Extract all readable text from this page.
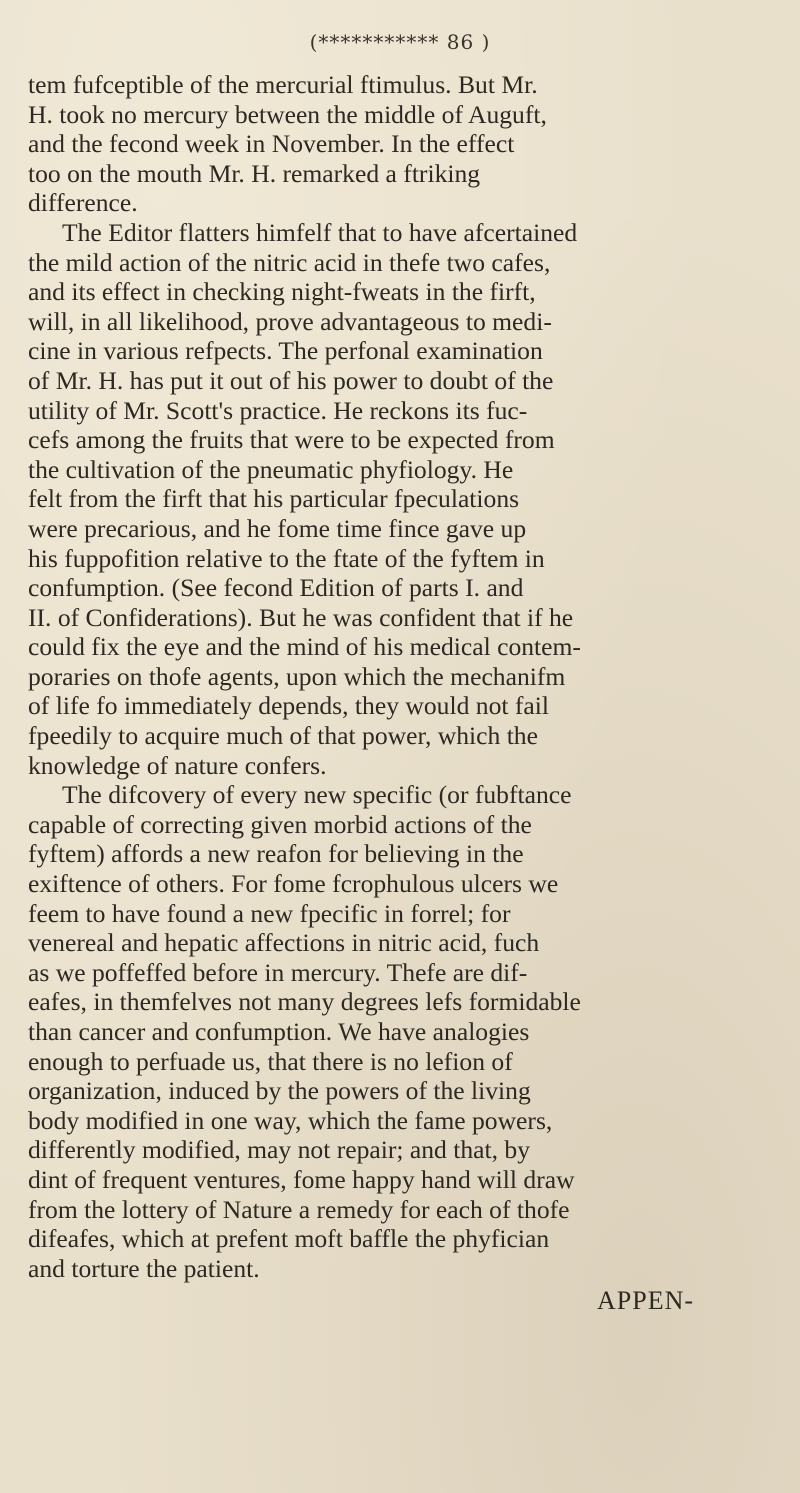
(*********** 86 )
tem fufceptible of the mercurial ftimulus. But Mr.
H. took no mercury between the middle of Auguft,
and the fecond week in November. In the effect
too on the mouth Mr. H. remarked a ftriking
difference.
The Editor flatters himfelf that to have afcertained
the mild action of the nitric acid in thefe two cafes,
and its effect in checking night-fweats in the firft,
will, in all likelihood, prove advantageous to medi-
cine in various refpects. The perfonal examination
of Mr. H. has put it out of his power to doubt of the
utility of Mr. Scott's practice. He reckons its fuc-
cefs among the fruits that were to be expected from
the cultivation of the pneumatic phyfiology. He
felt from the firft that his particular fpeculations
were precarious, and he fome time fince gave up
his fuppofition relative to the ftate of the fyftem in
confumption. (See fecond Edition of parts I. and
II. of Confiderations). But he was confident that if he
could fix the eye and the mind of his medical contem-
poraries on thofe agents, upon which the mechanifm
of life fo immediately depends, they would not fail
fpeedily to acquire much of that power, which the
knowledge of nature confers.
The difcovery of every new specific (or fubftance
capable of correcting given morbid actions of the
fyftem) affords a new reafon for believing in the
exiftence of others. For fome fcrophulous ulcers we
feem to have found a new fpecific in forrel; for
venereal and hepatic affections in nitric acid, fuch
as we poffeffed before in mercury. Thefe are dif-
eafes, in themfelves not many degrees lefs formidable
than cancer and confumption. We have analogies
enough to perfuade us, that there is no lefion of
organization, induced by the powers of the living
body modified in one way, which the fame powers,
differently modified, may not repair; and that, by
dint of frequent ventures, fome happy hand will draw
from the lottery of Nature a remedy for each of thofe
difeafes, which at prefent moft baffle the phyfician
and torture the patient.
APPEN-
